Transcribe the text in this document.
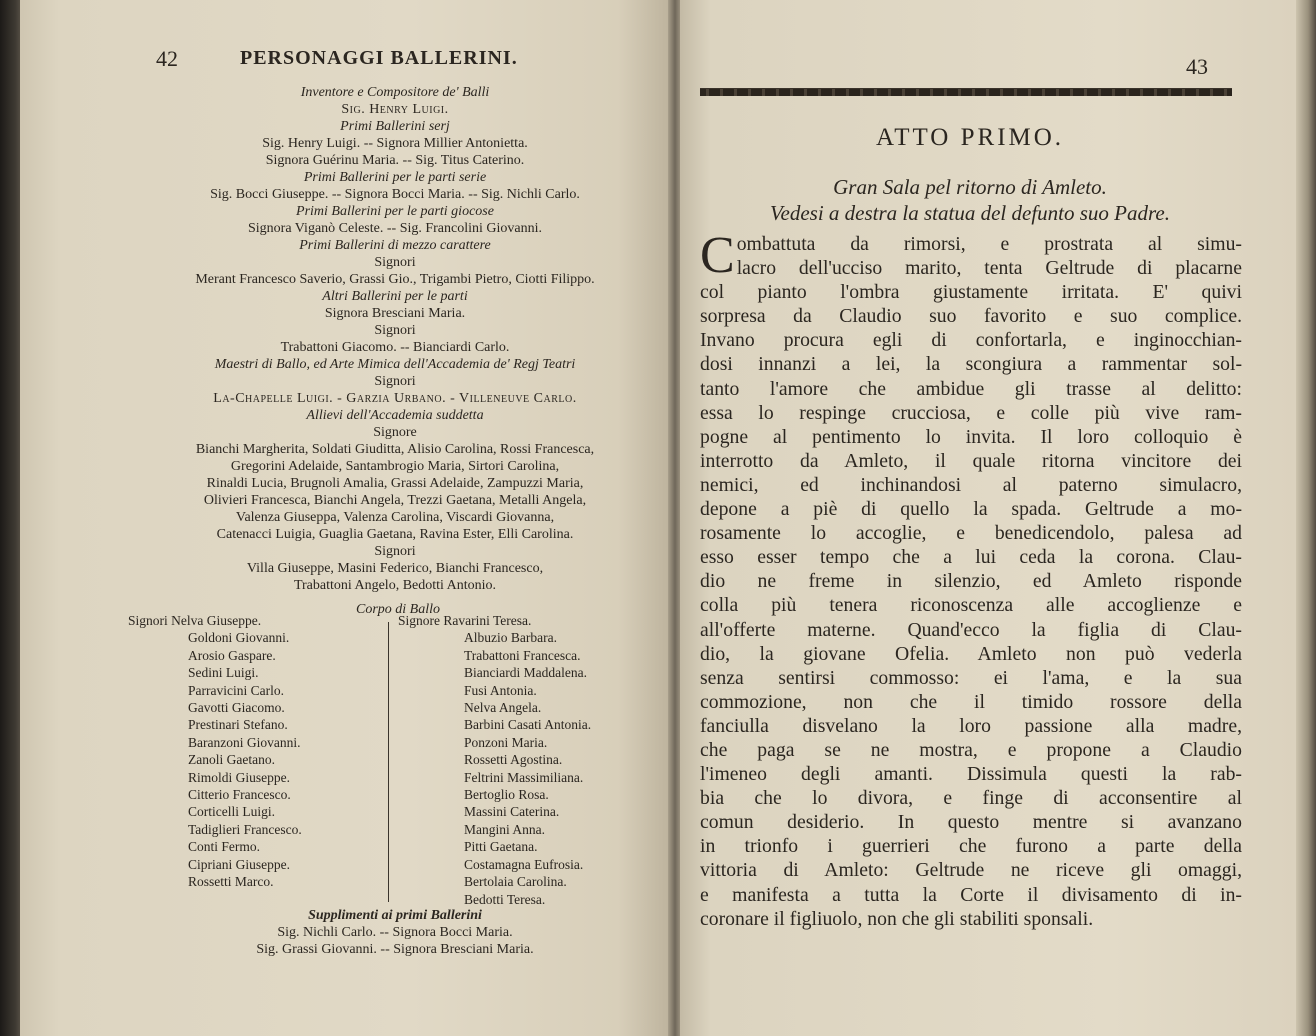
42	PERSONAGGI BALLERINI.
Inventore e Compositore de' Balli
Sig. Henry Luigi.
Primi Ballerini serj
Sig. Henry Luigi. -- Signora Millier Antonietta.
Signora Guérinu Maria. -- Sig. Titus Caterino.
Primi Ballerini per le parti serie
Sig. Bocci Giuseppe. -- Signora Bocci Maria. -- Sig. Nichli Carlo.
Primi Ballerini per le parti giocose
Signora Viganò Celeste. -- Sig. Francolini Giovanni.
Primi Ballerini di mezzo carattere
Signori
Merant Francesco Saverio, Grassi Gio., Trigambi Pietro, Ciotti Filippo.
Altri Ballerini per le parti
Signora Bresciani Maria.
Signori
Trabattoni Giacomo. -- Bianciardi Carlo.
Maestri di Ballo, ed Arte Mimica dell'Accademia de' Regj Teatri
Signori
La-Chapelle Luigi. - Garzia Urbano. - Villeneuve Carlo.
Allievi dell'Accademia suddetta
Signore
Bianchi Margherita, Soldati Giuditta, Alisio Carolina, Rossi Francesca,
Gregorini Adelaide, Santambrogio Maria, Sirtori Carolina,
Rinaldi Lucia, Brugnoli Amalia, Grassi Adelaide, Zampuzzi Maria,
Olivieri Francesca, Bianchi Angela, Trezzi Gaetana, Metalli Angela,
Valenza Giuseppa, Valenza Carolina, Viscardi Giovanna,
Catenacci Luigia, Guaglia Gaetana, Ravina Ester, Elli Carolina.
Signori
Villa Giuseppe, Masini Federico, Bianchi Francesco,
Trabattoni Angelo, Bedotti Antonio.
Corpo di Ballo
Signori Nelva Giuseppe.
Goldoni Giovanni.
Arosio Gaspare.
Sedini Luigi.
Parravicini Carlo.
Gavotti Giacomo.
Prestinari Stefano.
Baranzoni Giovanni.
Zanoli Gaetano.
Rimoldi Giuseppe.
Citterio Francesco.
Corticelli Luigi.
Tadiglieri Francesco.
Conti Fermo.
Cipriani Giuseppe.
Rossetti Marco.
Signore Ravarini Teresa.
Albuzio Barbara.
Trabattoni Francesca.
Bianciardi Maddalena.
Fusi Antonia.
Nelva Angela.
Barbini Casati Antonia.
Ponzoni Maria.
Rossetti Agostina.
Feltrini Massimiliana.
Bertoglio Rosa.
Massini Caterina.
Mangini Anna.
Pitti Gaetana.
Costamagna Eufrosia.
Bertolaia Carolina.
Bedotti Teresa.
Supplimenti ai primi Ballerini
Sig. Nichli Carlo. -- Signora Bocci Maria.
Sig. Grassi Giovanni. -- Signora Bresciani Maria.
43
ATTO PRIMO.
Gran Sala pel ritorno di Amleto.
Vedesi a destra la statua del defunto suo Padre.
C ombattuta da rimorsi, e prostrata al simu-
lacro dell'ucciso marito, tenta Geltrude di placarne
col pianto l'ombra giustamente irritata. E' quivi
sorpresa da Claudio suo favorito e suo complice.
Invano procura egli di confortarla, e inginocchian-
dosi innanzi a lei, la scongiura a rammentar sol-
tanto l'amore che ambidue gli trasse al delitto:
essa lo respinge crucciosa, e colle più vive ram-
pogne al pentimento lo invita. Il loro colloquio è
interrotto da Amleto, il quale ritorna vincitore dei
nemici, ed inchinandosi al paterno simulacro,
depone a piè di quello la spada. Geltrude a mo-
rosamente lo accoglie, e benedicendolo, palesa ad
esso esser tempo che a lui ceda la corona. Clau-
dio ne freme in silenzio, ed Amleto risponde
colla più tenera riconoscenza alle accoglienze e
all'offerte materne. Quand'ecco la figlia di Clau-
dio, la giovane Ofelia. Amleto non può vederla
senza sentirsi commosso: ei l'ama, e la sua
commozione, non che il timido rossore della
fanciulla disvelano la loro passione alla madre,
che paga se ne mostra, e propone a Claudio
l'imeneo degli amanti. Dissimula questi la rab-
bia che lo divora, e finge di acconsentire al
comun desiderio. In questo mentre si avanzano
in trionfo i guerrieri che furono a parte della
vittoria di Amleto: Geltrude ne riceve gli omaggi,
e manifesta a tutta la Corte il divisamento di in-
coronare il figliuolo, non che gli stabiliti sponsali.
